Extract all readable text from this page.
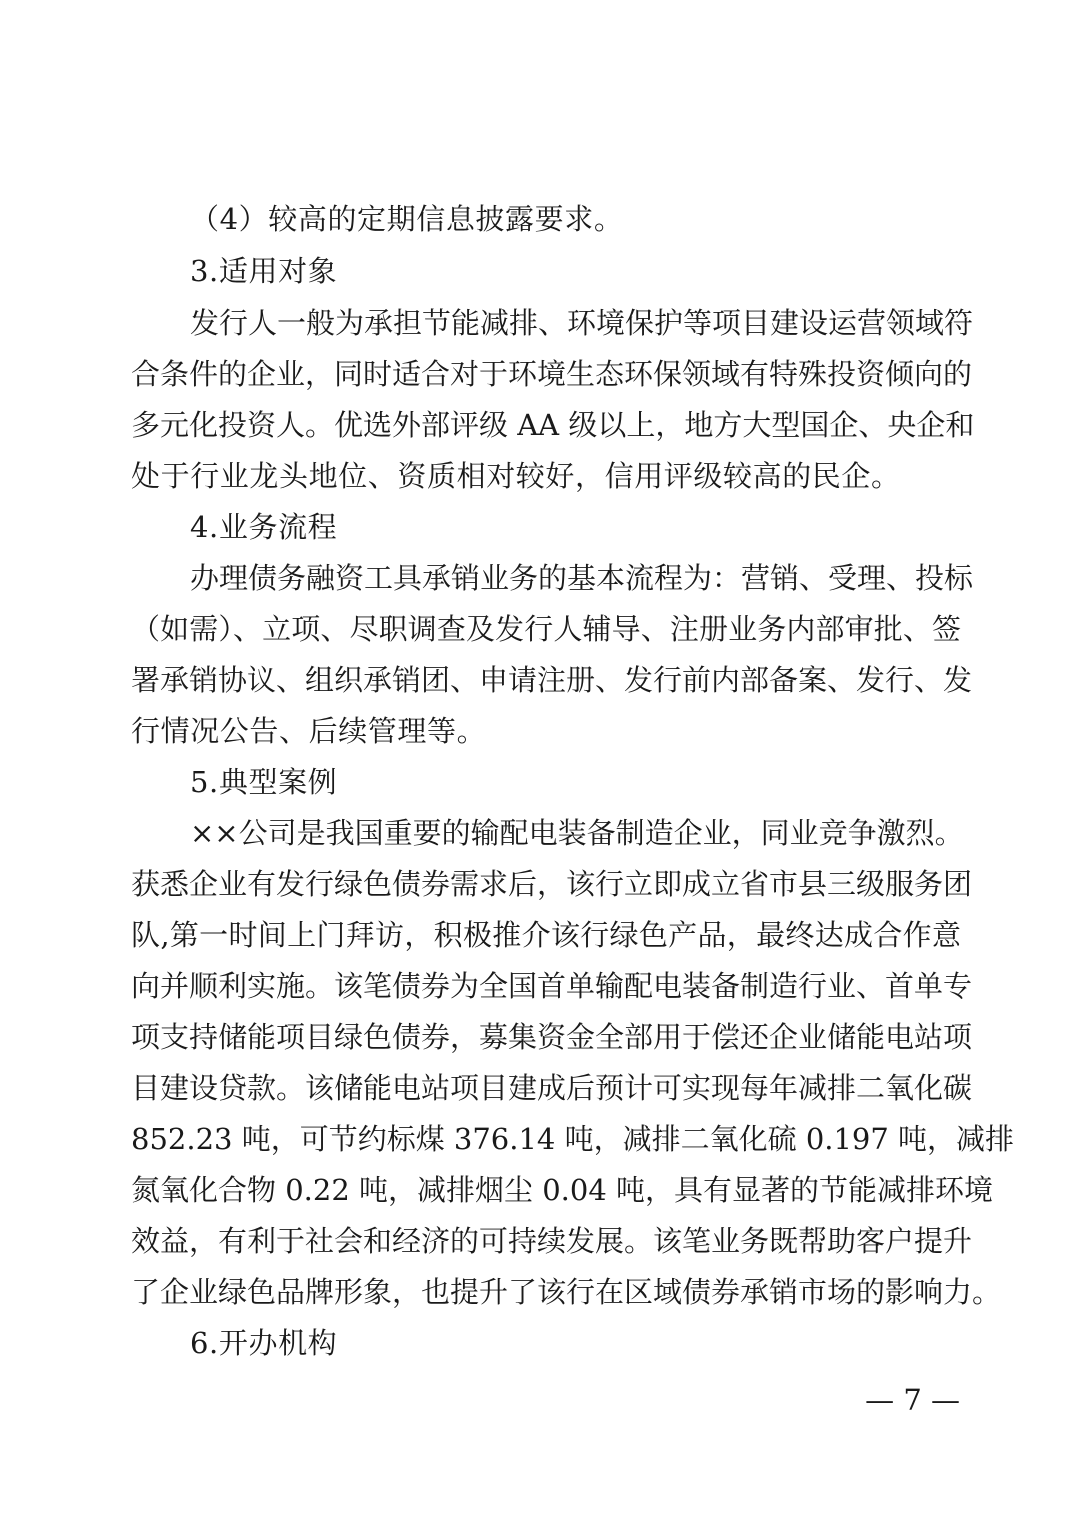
（4）较高的定期信息披露要求。
3.适用对象
发行人一般为承担节能减排、环境保护等项目建设运营领域符
合条件的企业，同时适合对于环境生态环保领域有特殊投资倾向的
多元化投资人。优选外部评级 AA 级以上，地方大型国企、央企和
处于行业龙头地位、资质相对较好，信用评级较高的民企。
4.业务流程
办理债务融资工具承销业务的基本流程为：营销、受理、投标
（如需）、立项、尽职调查及发行人辅导、注册业务内部审批、签
署承销协议、组织承销团、申请注册、发行前内部备案、发行、发
行情况公告、后续管理等。
5.典型案例
××公司是我国重要的输配电装备制造企业，同业竞争激烈。
获悉企业有发行绿色债券需求后，该行立即成立省市县三级服务团
队,第一时间上门拜访，积极推介该行绿色产品，最终达成合作意
向并顺利实施。该笔债券为全国首单输配电装备制造行业、首单专
项支持储能项目绿色债券，募集资金全部用于偿还企业储能电站项
目建设贷款。该储能电站项目建成后预计可实现每年减排二氧化碳
852.23 吨，可节约标煤 376.14 吨，减排二氧化硫 0.197 吨，减排
氮氧化合物 0.22 吨，减排烟尘 0.04 吨，具有显著的节能减排环境
效益，有利于社会和经济的可持续发展。该笔业务既帮助客户提升
了企业绿色品牌形象，也提升了该行在区域债券承销市场的影响力。
6.开办机构
— 7 —
